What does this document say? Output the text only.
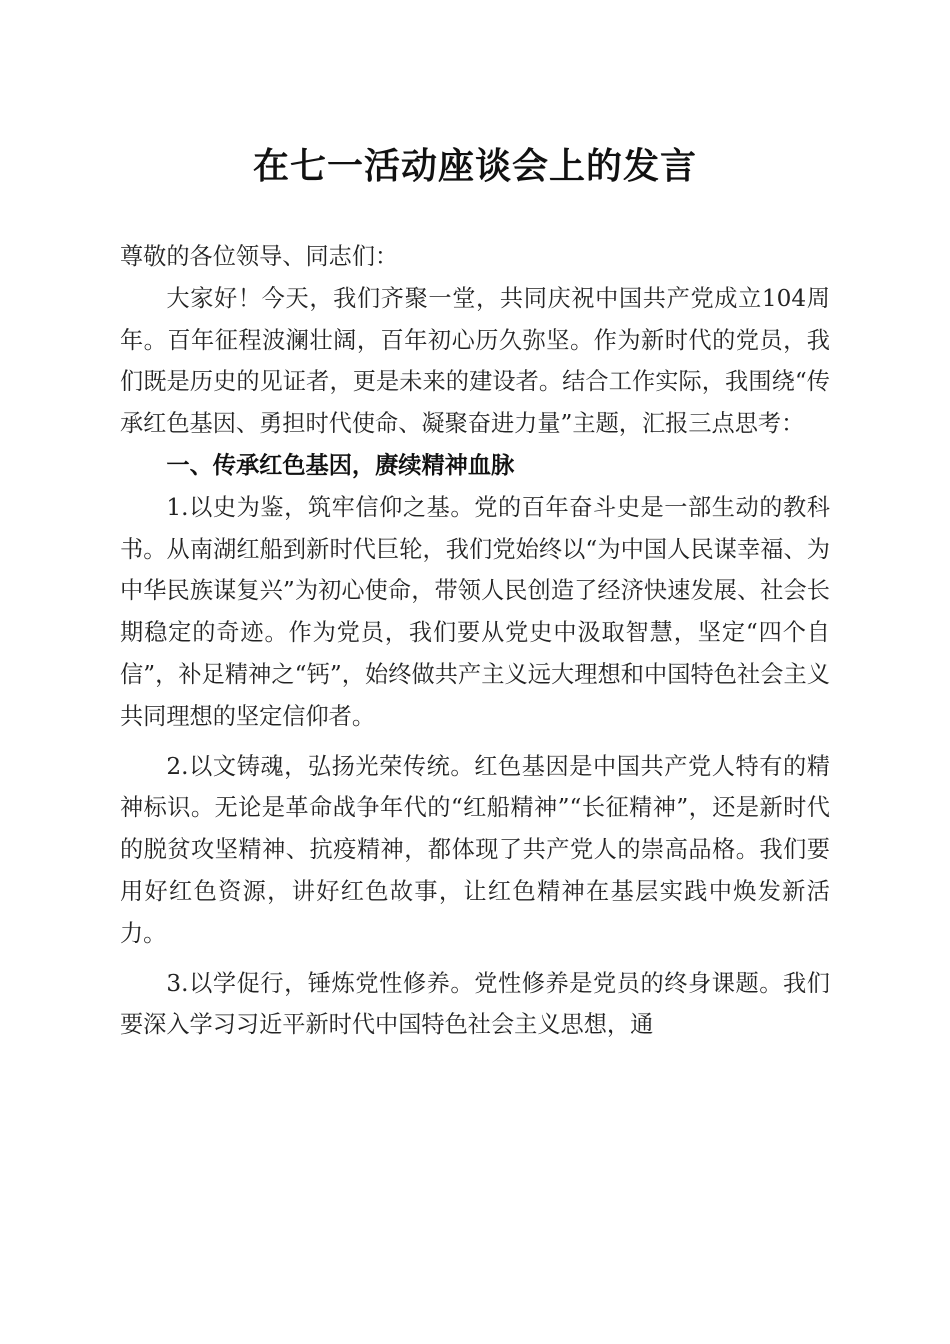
在七一活动座谈会上的发言

尊敬的各位领导、同志们：

大家好！今天，我们齐聚一堂，共同庆祝中国共产党成立104周年。百年征程波澜壮阔，百年初心历久弥坚。作为新时代的党员，我们既是历史的见证者，更是未来的建设者。结合工作实际，我围绕“传承红色基因、勇担时代使命、凝聚奋进力量”主题，汇报三点思考：

一、传承红色基因，赓续精神血脉

1.以史为鉴，筑牢信仰之基。党的百年奋斗史是一部生动的教科书。从南湖红船到新时代巨轮，我们党始终以“为中国人民谋幸福、为中华民族谋复兴”为初心使命，带领人民创造了经济快速发展、社会长期稳定的奇迹。作为党员，我们要从党史中汲取智慧，坚定“四个自信”，补足精神之“钙”，始终做共产主义远大理想和中国特色社会主义共同理想的坚定信仰者。

2.以文铸魂，弘扬光荣传统。红色基因是中国共产党人特有的精神标识。无论是革命战争年代的“红船精神”“长征精神”，还是新时代的脱贫攻坚精神、抗疫精神，都体现了共产党人的崇高品格。我们要用好红色资源，讲好红色故事，让红色精神在基层实践中焕发新活力。

3.以学促行，锤炼党性修养。党性修养是党员的终身课题。我们要深入学习习近平新时代中国特色社会主义思想，通
